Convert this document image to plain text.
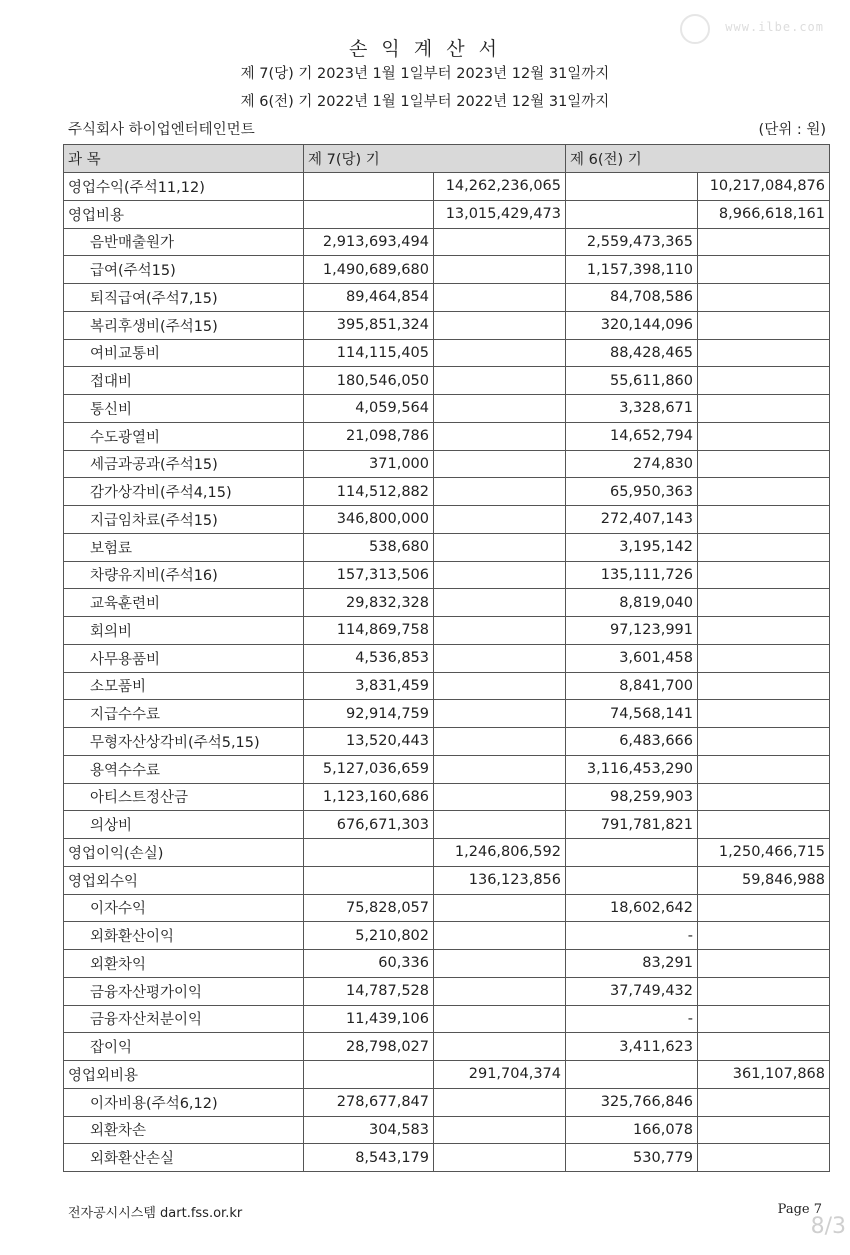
www.ilbe.com
손 익 계 산 서
제 7(당) 기 2023년 1월 1일부터 2023년 12월 31일까지
제 6(전) 기 2022년 1월 1일부터 2022년 12월 31일까지
주식회사 하이업엔터테인먼트	(단위 : 원)
과 목	제 7(당) 기		제 6(전) 기	
영업수익(주석11,12)		14,262,236,065		10,217,084,876
영업비용		13,015,429,473		8,966,618,161
음반매출원가	2,913,693,494		2,559,473,365	
급여(주석15)	1,490,689,680		1,157,398,110	
퇴직급여(주석7,15)	89,464,854		84,708,586	
복리후생비(주석15)	395,851,324		320,144,096	
여비교통비	114,115,405		88,428,465	
접대비	180,546,050		55,611,860	
통신비	4,059,564		3,328,671	
수도광열비	21,098,786		14,652,794	
세금과공과(주석15)	371,000		274,830	
감가상각비(주석4,15)	114,512,882		65,950,363	
지급임차료(주석15)	346,800,000		272,407,143	
보험료	538,680		3,195,142	
차량유지비(주석16)	157,313,506		135,111,726	
교육훈련비	29,832,328		8,819,040	
회의비	114,869,758		97,123,991	
사무용품비	4,536,853		3,601,458	
소모품비	3,831,459		8,841,700	
지급수수료	92,914,759		74,568,141	
무형자산상각비(주석5,15)	13,520,443		6,483,666	
용역수수료	5,127,036,659		3,116,453,290	
아티스트정산금	1,123,160,686		98,259,903	
의상비	676,671,303		791,781,821	
영업이익(손실)		1,246,806,592		1,250,466,715
영업외수익		136,123,856		59,846,988
이자수익	75,828,057		18,602,642	
외화환산이익	5,210,802		-	
외환차익	60,336		83,291	
금융자산평가이익	14,787,528		37,749,432	
금융자산처분이익	11,439,106		-	
잡이익	28,798,027		3,411,623	
영업외비용		291,704,374		361,107,868
이자비용(주석6,12)	278,677,847		325,766,846	
외환차손	304,583		166,078	
외화환산손실	8,543,179		530,779	
전자공시시스템 dart.fss.or.kr	Page 7
8/3
